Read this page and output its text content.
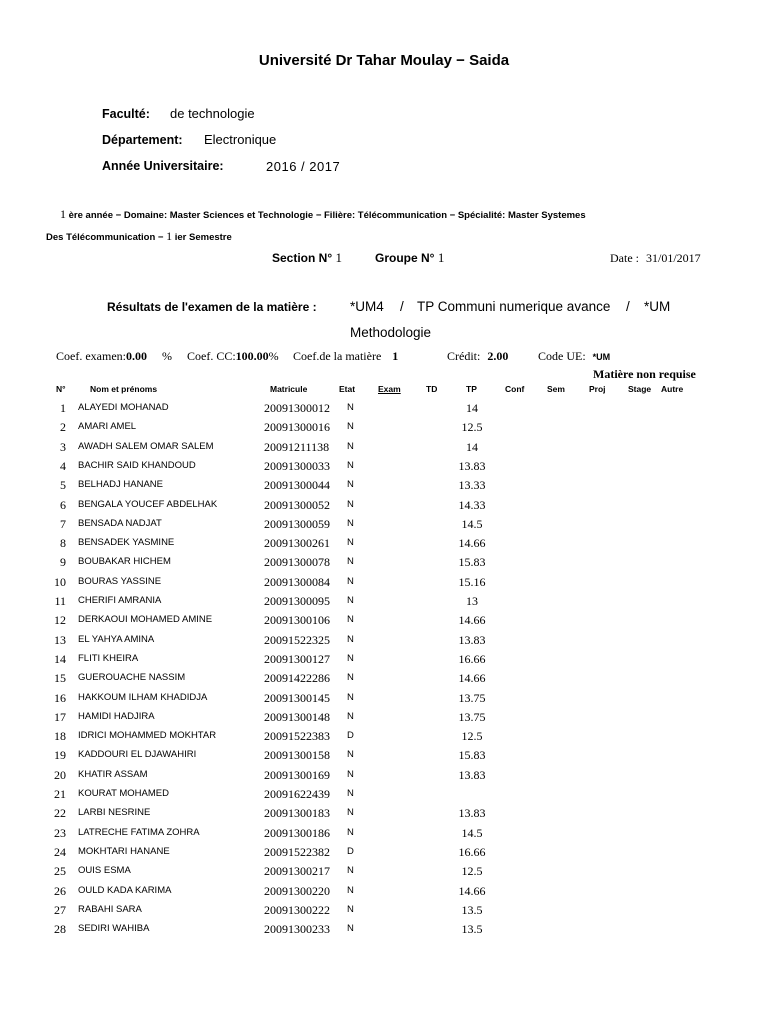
Université Dr Tahar Moulay − Saida
Faculté: de technologie
Département: Electronique
Année Universitaire:	2016 / 2017
1 ère année − Domaine: Master Sciences et Technologie − Filière: Télécommunication − Spécialité: Master Systemes
Des Télécommunication − 1 ier Semestre
Section N° 1	Groupe N° 1	Date : 31/01/2017
Résultats de l'examen de la matière : *UM4 / TP Communi numerique avance / *UM
Methodologie
Coef. examen:0.00 % Coef. CC:100.00% Coef.de la matière 1	Crédit: 2.00 Code UE: *UM
Matière non requise
N°	Nom et prénoms	Matricule	Etat	Exam	TD	TP	Conf	Sem	Proj	Stage Autre
1 ALAYEDI MOHANAD	20091300012 N	14
2 AMARI AMEL	20091300016 N	12.5
3 AWADH SALEM OMAR SALEM	20091211138 N	14
4 BACHIR SAID KHANDOUD	20091300033 N	13.83
5 BELHADJ HANANE	20091300044 N	13.33
6 BENGALA YOUCEF ABDELHAK	20091300052 N	14.33
7 BENSADA NADJAT	20091300059 N	14.5
8 BENSADEK YASMINE	20091300261 N	14.66
9 BOUBAKAR HICHEM	20091300078 N	15.83
10 BOURAS YASSINE	20091300084 N	15.16
11 CHERIFI AMRANIA	20091300095 N	13
12 DERKAOUI MOHAMED AMINE	20091300106 N	14.66
13 EL YAHYA AMINA	20091522325 N	13.83
14 FLITI KHEIRA	20091300127 N	16.66
15 GUEROUACHE NASSIM	20091422286 N	14.66
16 HAKKOUM ILHAM KHADIDJA	20091300145 N	13.75
17 HAMIDI HADJIRA	20091300148 N	13.75
18 IDRICI MOHAMMED MOKHTAR	20091522383 D	12.5
19 KADDOURI EL DJAWAHIRI	20091300158 N	15.83
20 KHATIR ASSAM	20091300169 N	13.83
21 KOURAT MOHAMED	20091622439 N
22 LARBI NESRINE	20091300183 N	13.83
23 LATRECHE FATIMA ZOHRA	20091300186 N	14.5
24 MOKHTARI HANANE	20091522382 D	16.66
25 OUIS ESMA	20091300217 N	12.5
26 OULD KADA KARIMA	20091300220 N	14.66
27 RABAHI SARA	20091300222 N	13.5
28 SEDIRI WAHIBA	20091300233 N	13.5
